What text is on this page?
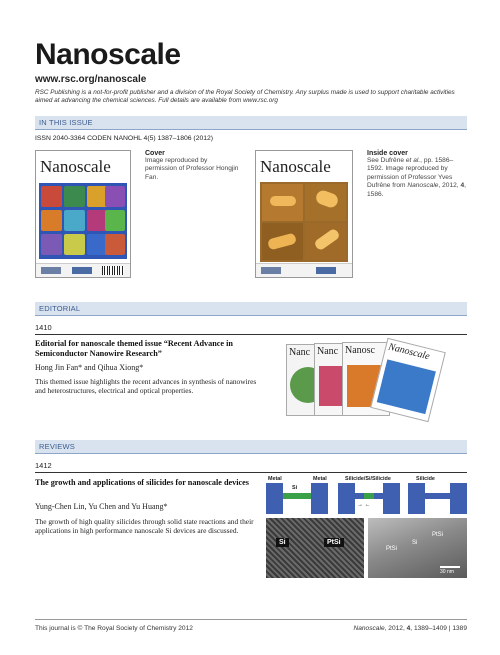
Nanoscale
www.rsc.org/nanoscale
RSC Publishing is a not-for-profit publisher and a division of the Royal Society of Chemistry. Any surplus made is used to support charitable activities aimed at advancing the chemical sciences. Full details are available from www.rsc.org
IN THIS ISSUE
ISSN 2040-3364 CODEN NANOHL 4(5) 1387–1806 (2012)
Nanoscale
Cover
Image reproduced by permission of Professor Hongjin Fan.
Nanoscale
Inside cover
See Dufrêne et al., pp. 1586–1592. Image reproduced by permission of Professor Yves Dufrêne from Nanoscale, 2012, 4, 1586.
EDITORIAL
1410
Editorial for nanoscale themed issue “Recent Advance in Semiconductor Nanowire Research”
Hong Jin Fan* and Qihua Xiong*
This themed issue highlights the recent advances in synthesis of nanowires and heterostructures, electrical and optical properties.
Nanc Nanc Nanosc	Nanoscale
REVIEWS
1412
The growth and applications of silicides for nanoscale devices
Yung-Chen Lin, Yu Chen and Yu Huang*
The growth of high quality silicides through solid state reactions and their applications in high performance nanoscale Si devices are discussed.
Metal
Si
Metal	Silicide/Si/Silicide	Silicide
→ ←
Si	PtSi
PtSi
Si
PtSi
30 nm
This journal is © The Royal Society of Chemistry 2012	Nanoscale, 2012, 4, 1389–1409 | 1389
